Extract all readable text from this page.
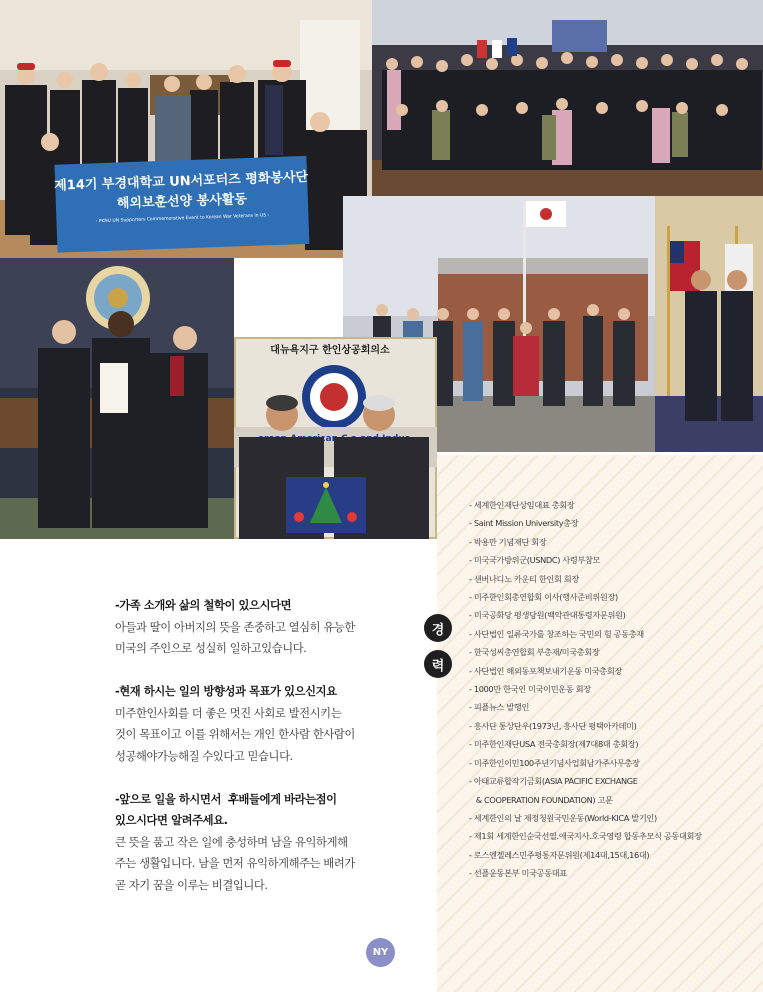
제14기 부경대학교 UN서포터즈 평화봉사단
해외보훈선양 봉사활동
- PKNU UN Supporters Commemorative Event to Korean War Veterans in US -
대뉴욕지구 한인상공회의소
경
력
- 세계한인재단상임대표 총회장
- Saint Mission University총장
- 박용만 기념재단 회장
- 미국국가방위군(USNDC) 사령부참모
- 샌버나디노 카운티 한인회 회장
- 미주한인회총연합회 이사(행사준비위원장)
- 미국공화당 평생당원(백악관대통령자문위원)
- 사단법인 일류국가를 창조하는 국민의 힘 공동총재
- 한국성씨총연합회 부총재/미국총회장
- 사단법인 해외동포책보내기운동 미국총회장
- 1000만 한국인 미국이민운동 회장
- 피플뉴스 발행인
- 흥사단 통상단우(1973년, 흥사단 평택아카데미)
- 미주한인재단USA 전국총회장(제7대8대 총회장)
- 미주한인이민100주년기념사업회남가주사무총장
- 아태교류합작기금회(ASIA PACIFIC EXCHANGE
& COOPERATION FOUNDATION) 고문
- 세계한인의 날 제정청원국민운동(World-KICA 발기인)
- 제1회 세계한인순국선열.애국지사.호국영령 합동추모식 공동대회장
- 로스엔젤레스민주평통자문위원(제14대,15대,16대)
- 선플운동본부 미국공동대표
-가족 소개와 삶의 철학이 있으시다면
아들과 딸이 아버지의 뜻을 존중하고 열심히 유능한
미국의 주인으로 성실히 일하고있습니다.
-현재 하시는 일의 방향성과 목표가 있으신지요
미주한인사회를 더 좋은 멋진 사회로 발전시키는
것이 목표이고 이를 위해서는 개인 한사람 한사람이
성공해야가능해질 수있다고 믿습니다.
-앞으로 일을 하시면서  후배들에게 바라는점이
있으시다면 알려주세요.
큰 뜻을 품고 작은 일에 충성하며 남을 유익하게해
주는 생활입니다. 남을 먼저 유익하게해주는 배려가
곧 자기 꿈을 이루는 비결입니다.
NY
